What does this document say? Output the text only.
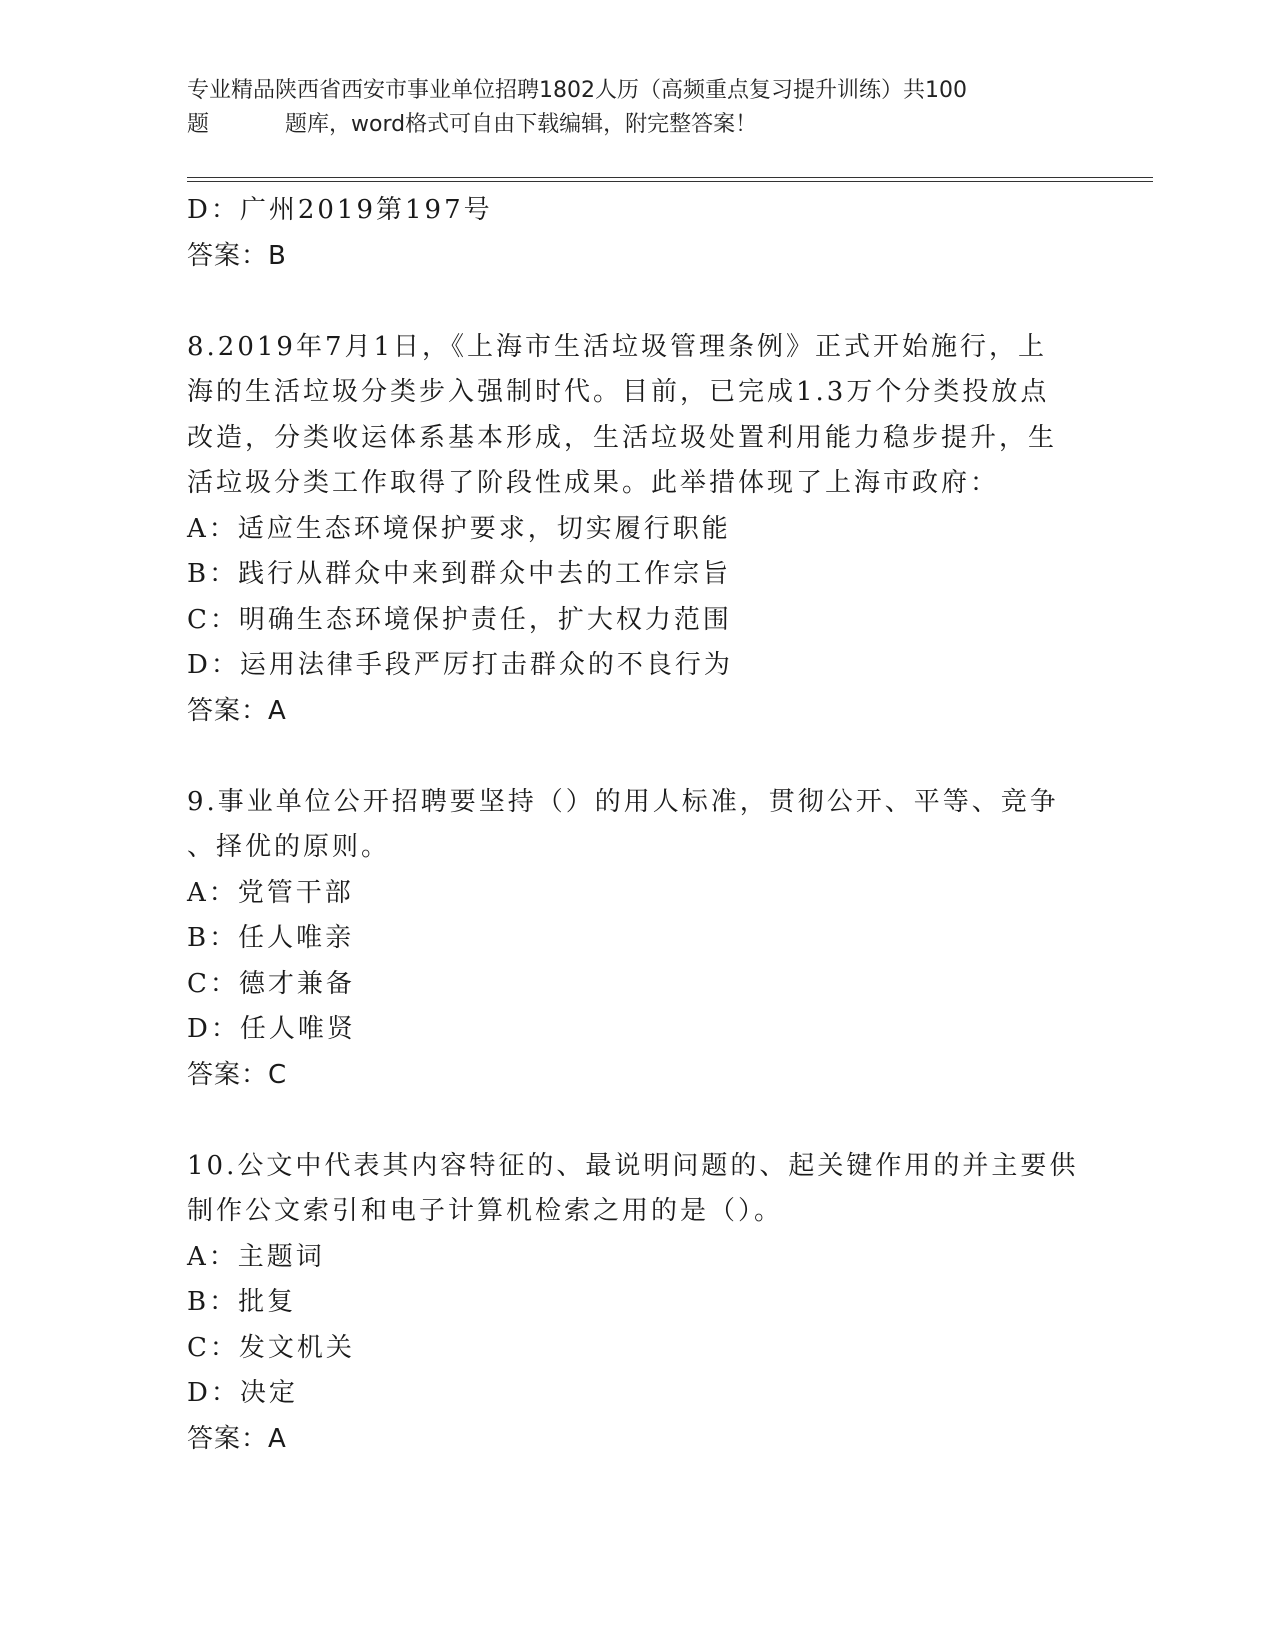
专业精品陕西省西安市事业单位招聘1802人历（高频重点复习提升训练）共100
题	题库，word格式可自由下载编辑，附完整答案！
D：广州2019第197号
答案：B
8.2019年7月1日，《上海市生活垃圾管理条例》正式开始施行，上
海的生活垃圾分类步入强制时代。目前，已完成1.3万个分类投放点
改造，分类收运体系基本形成，生活垃圾处置利用能力稳步提升，生
活垃圾分类工作取得了阶段性成果。此举措体现了上海市政府：
A：适应生态环境保护要求，切实履行职能
B：践行从群众中来到群众中去的工作宗旨
C：明确生态环境保护责任，扩大权力范围
D：运用法律手段严厉打击群众的不良行为
答案：A
9.事业单位公开招聘要坚持（）的用人标准，贯彻公开、平等、竞争
、择优的原则。
A：党管干部
B：任人唯亲
C：德才兼备
D：任人唯贤
答案：C
10.公文中代表其内容特征的、最说明问题的、起关键作用的并主要供
制作公文索引和电子计算机检索之用的是（）。
A：主题词
B：批复
C：发文机关
D：决定
答案：A
